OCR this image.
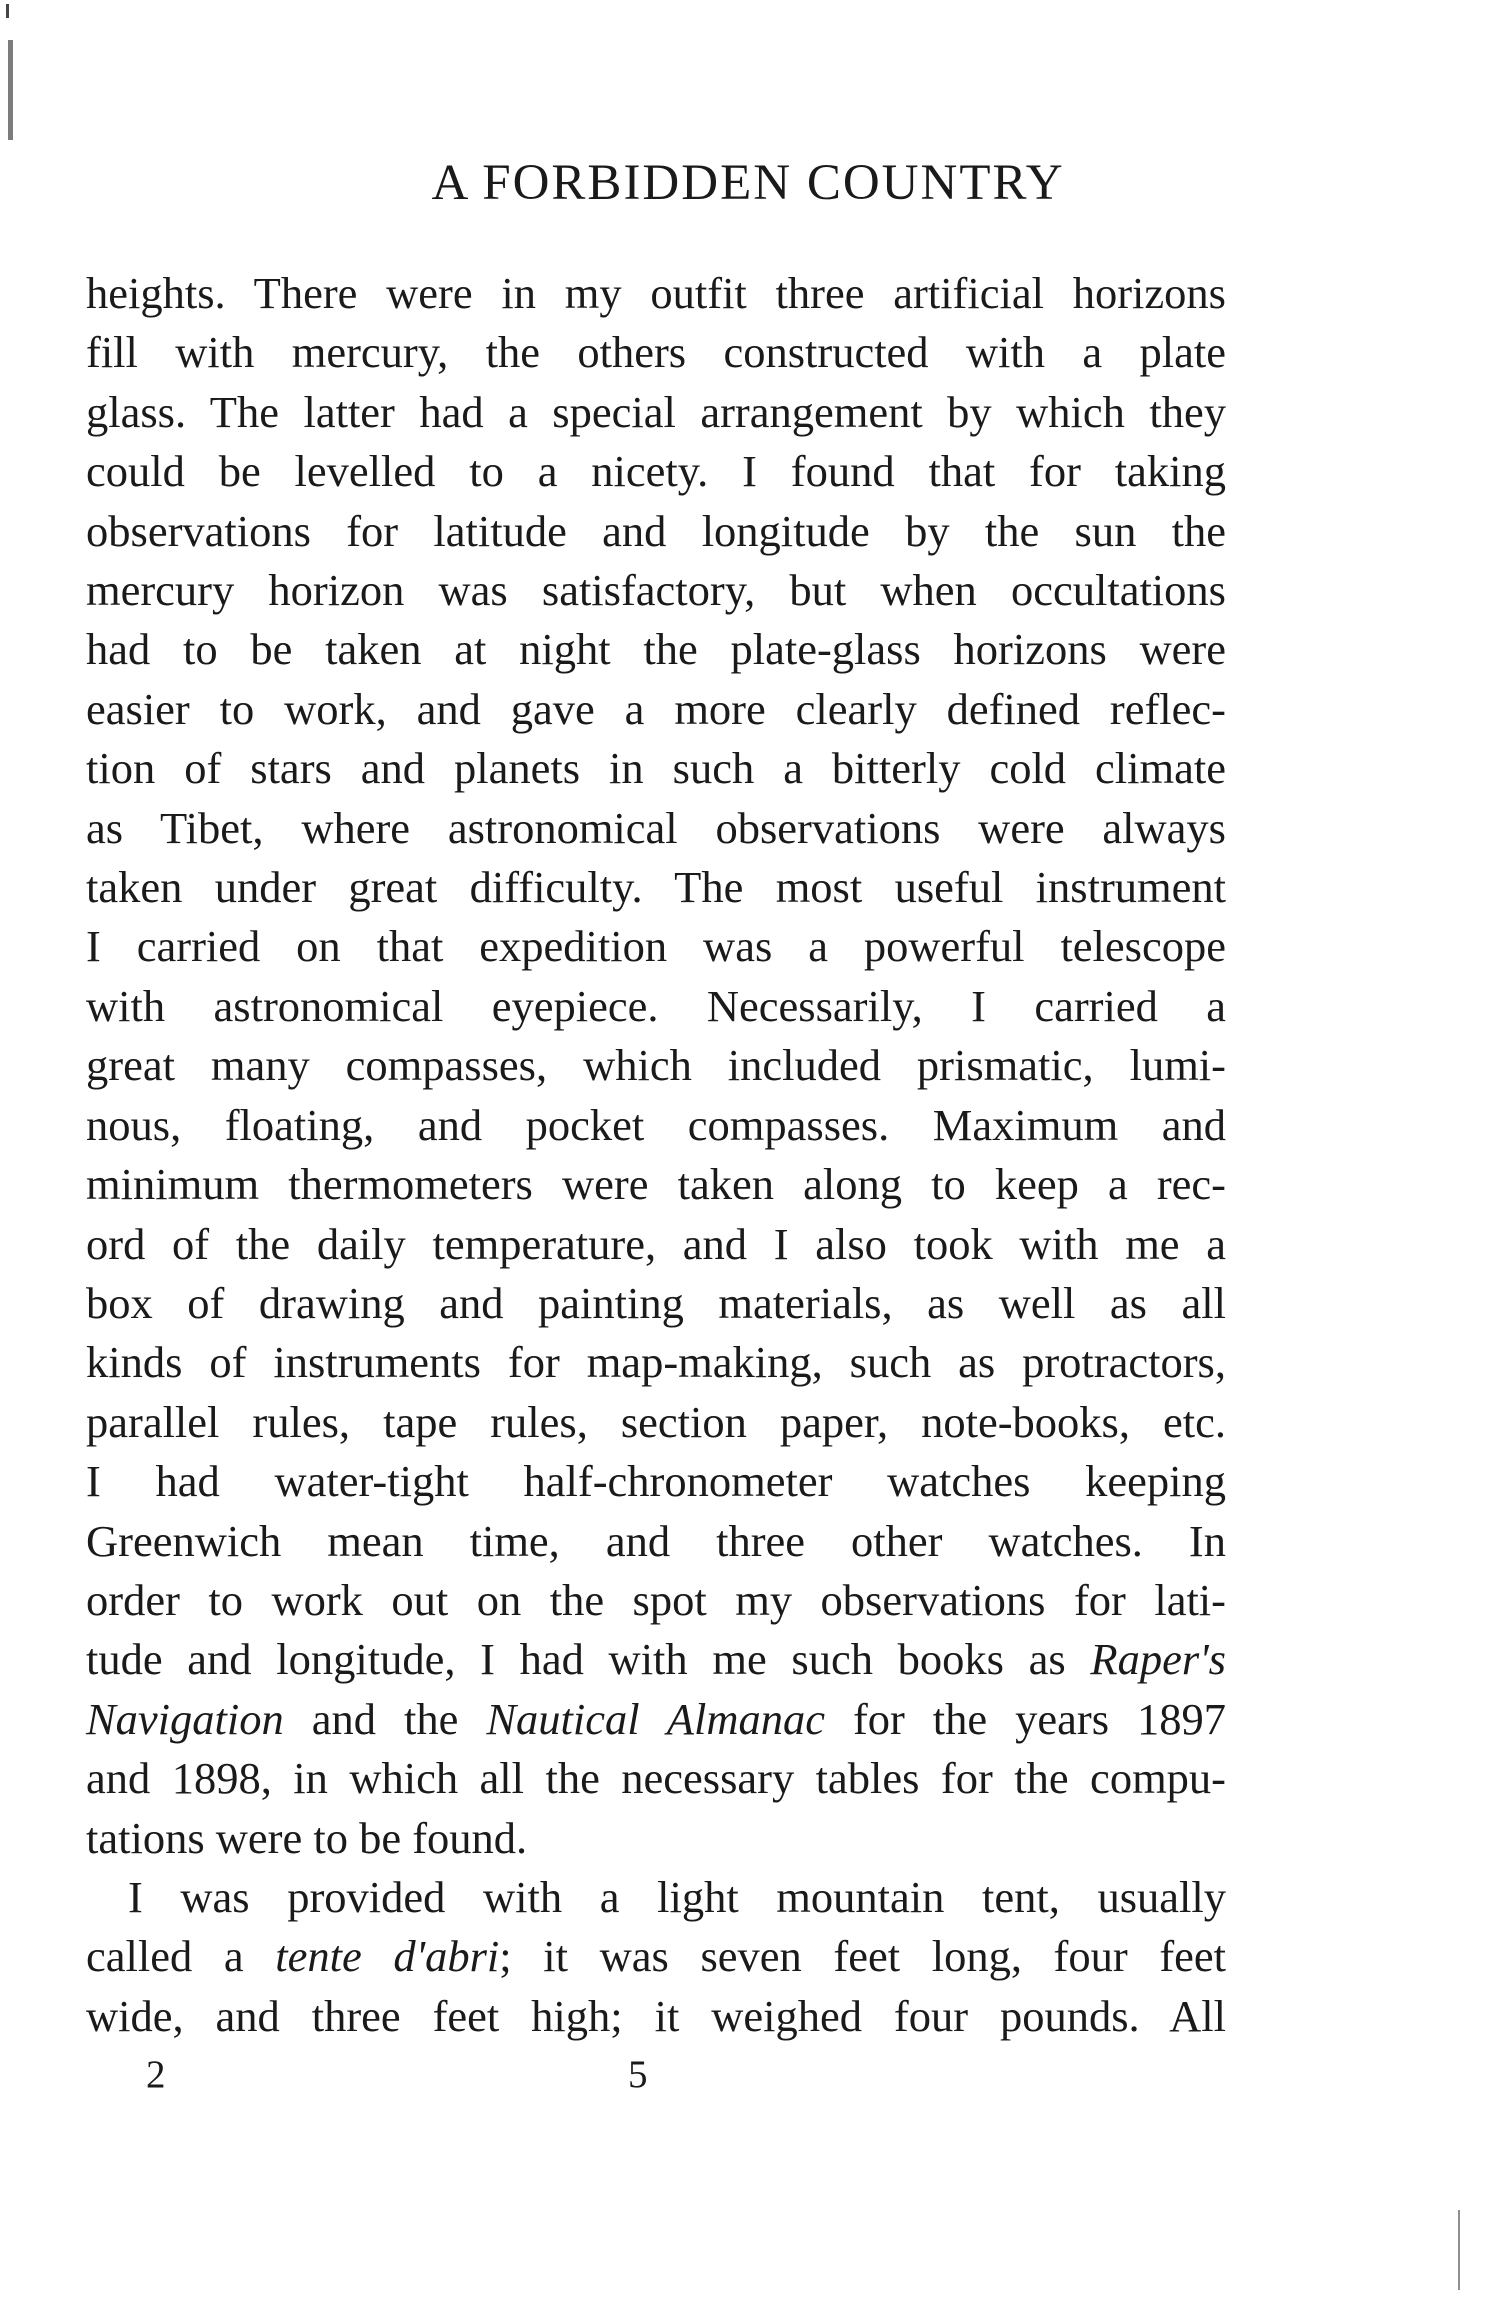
A FORBIDDEN COUNTRY

heights. There were in my outfit three artificial horizons

fill with mercury, the others constructed with a plate

glass. The latter had a special arrangement by which they

could be levelled to a nicety. I found that for taking

observations for latitude and longitude by the sun the

mercury horizon was satisfactory, but when occultations

had to be taken at night the plate-glass horizons were

easier to work, and gave a more clearly defined reflec-

tion of stars and planets in such a bitterly cold climate

as Tibet, where astronomical observations were always

taken under great difficulty. The most useful instrument

I carried on that expedition was a powerful telescope

with astronomical eyepiece. Necessarily, I carried a

great many compasses, which included prismatic, lumi-

nous, floating, and pocket compasses. Maximum and

minimum thermometers were taken along to keep a rec-

ord of the daily temperature, and I also took with me a

box of drawing and painting materials, as well as all

kinds of instruments for map-making, such as protractors,

parallel rules, tape rules, section paper, note-books, etc.

I had water-tight half-chronometer watches keeping

Greenwich mean time, and three other watches. In

order to work out on the spot my observations for lati-

tude and longitude, I had with me such books as Raper's

Navigation and the Nautical Almanac for the years 1897

and 1898, in which all the necessary tables for the compu-

tations were to be found.

I was provided with a light mountain tent, usually

called a tente d'abri; it was seven feet long, four feet

wide, and three feet high; it weighed four pounds. All

2	5
